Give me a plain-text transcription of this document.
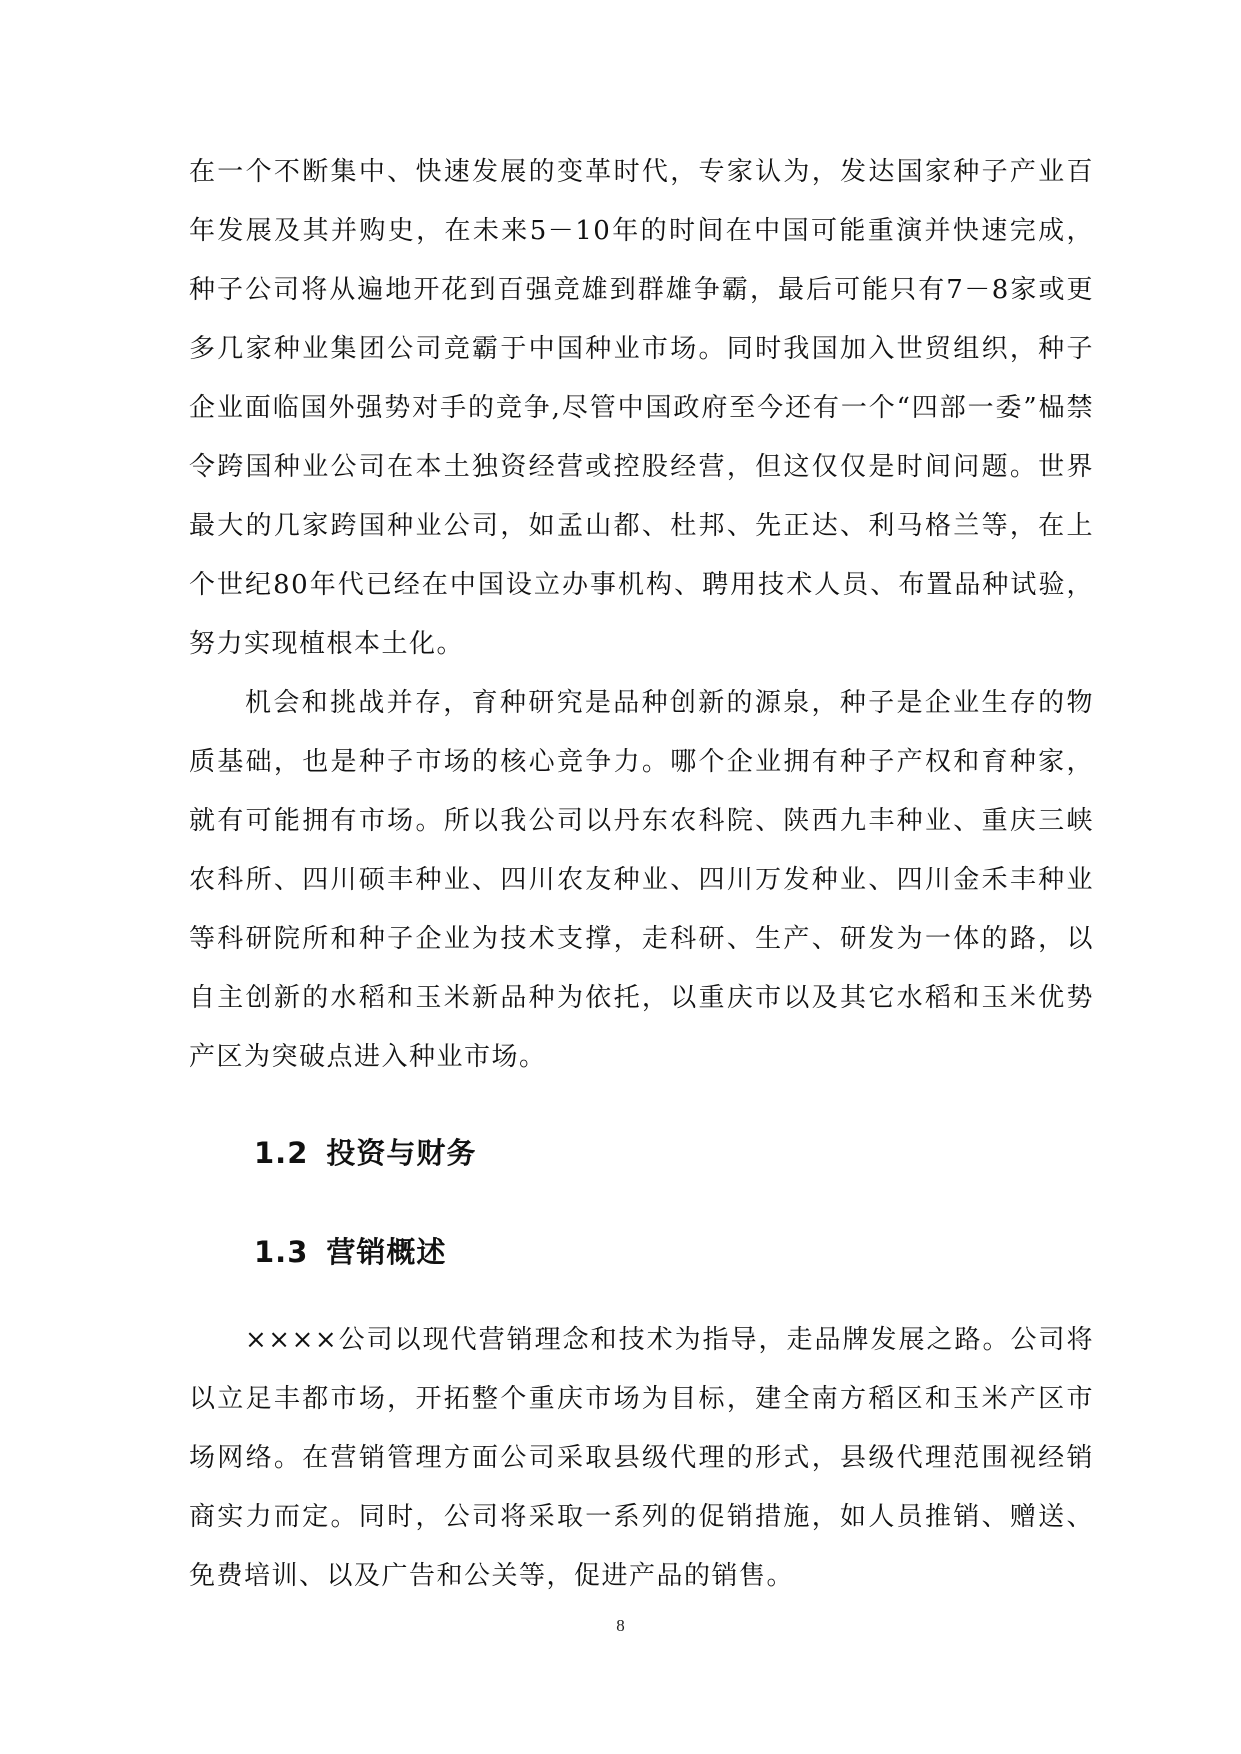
在一个不断集中、快速发展的变革时代，专家认为，发达国家种子产业百年发展及其并购史，在未来5－10年的时间在中国可能重演并快速完成，种子公司将从遍地开花到百强竞雄到群雄争霸，最后可能只有7－8家或更多几家种业集团公司竞霸于中国种业市场。同时我国加入世贸组织，种子企业面临国外强势对手的竞争,尽管中国政府至今还有一个“四部一委”榀禁令跨国种业公司在本土独资经营或控股经营，但这仅仅是时间问题。世界最大的几家跨国种业公司，如孟山都、杜邦、先正达、利马格兰等，在上个世纪80年代已经在中国设立办事机构、聘用技术人员、布置品种试验，努力实现植根本土化。

机会和挑战并存，育种研究是品种创新的源泉，种子是企业生存的物质基础，也是种子市场的核心竞争力。哪个企业拥有种子产权和育种家，就有可能拥有市场。所以我公司以丹东农科院、陕西九丰种业、重庆三峡农科所、四川硕丰种业、四川农友种业、四川万发种业、四川金禾丰种业等科研院所和种子企业为技术支撑，走科研、生产、研发为一体的路，以自主创新的水稻和玉米新品种为依托，以重庆市以及其它水稻和玉米优势产区为突破点进入种业市场。

1.2 投资与财务
1.3 营销概述

××××公司以现代营销理念和技术为指导，走品牌发展之路。公司将以立足丰都市场，开拓整个重庆市场为目标，建全南方稻区和玉米产区市场网络。在营销管理方面公司采取县级代理的形式，县级代理范围视经销商实力而定。同时，公司将采取一系列的促销措施，如人员推销、赠送、免费培训、以及广告和公关等，促进产品的销售。

8
